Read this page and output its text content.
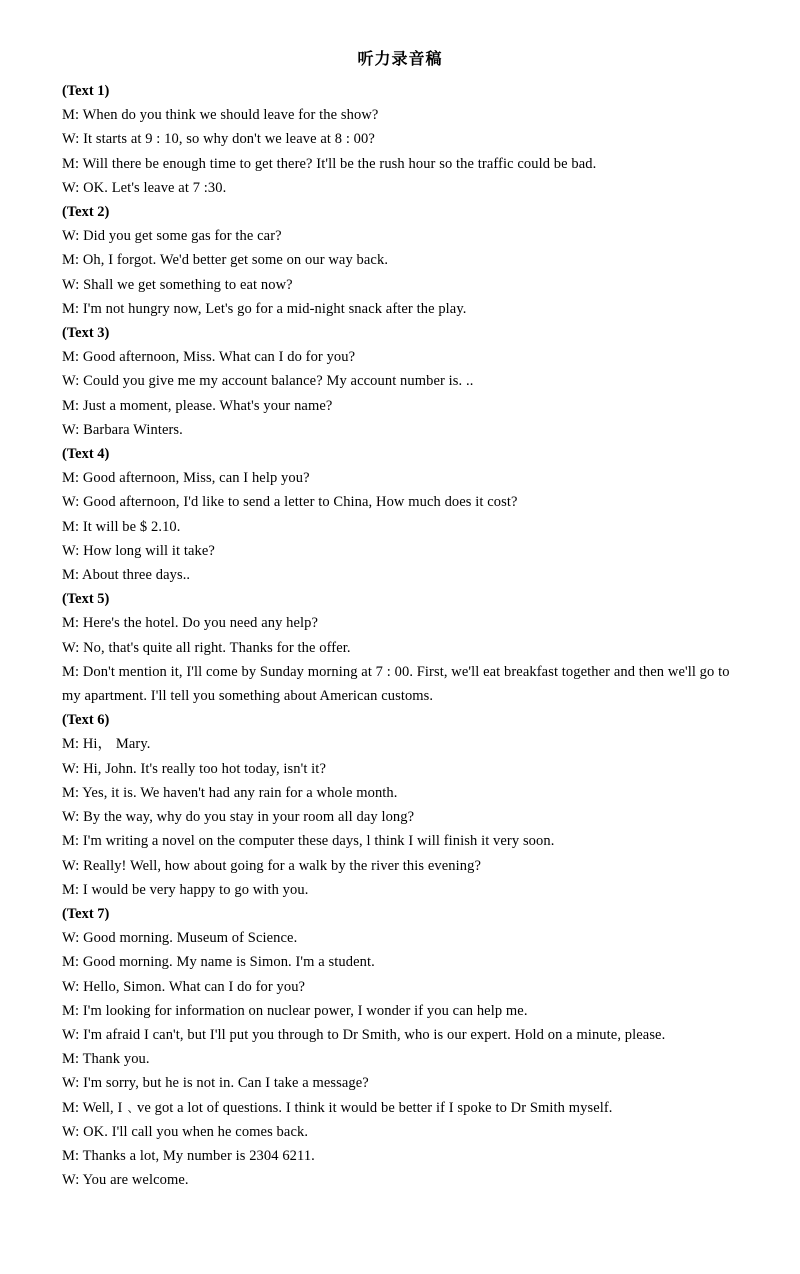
听力录音稿
(Text 1)
M: When do you think we should leave for the show?
W: It starts at 9 : 10, so why don't we leave at 8 : 00?
M: Will there be enough time to get there? It'll be the rush hour so the traffic could be bad.
W: OK. Let's leave at 7 :30.
(Text 2)
W: Did you get some gas for the car?
M: Oh, I forgot. We'd better get some on our way back.
W: Shall we get something to eat now?
M: I'm not hungry now, Let's go for a mid-night snack after the play.
(Text 3)
M: Good afternoon, Miss. What can I do for you?
W: Could you give me my account balance? My account number is. ..
M: Just a moment, please. What's your name?
W: Barbara Winters.
(Text 4)
M: Good afternoon, Miss, can I help you?
W: Good afternoon, I'd like to send a letter to China, How much does it cost?
M: It will be $ 2.10.
W: How long will it take?
M: About three days..
(Text 5)
M: Here's the hotel. Do you need any help?
W: No, that's quite all right. Thanks for the offer.
M: Don't mention it, I'll come by Sunday morning at 7 : 00. First, we'll eat breakfast together and then we'll go to my apartment. I'll tell you something about American customs.
(Text 6)
M: Hi， Mary.
W: Hi, John. It's really too hot today, isn't it?
M: Yes, it is. We haven't had any rain for a whole month.
W: By the way, why do you stay in your room all day long?
M: I'm writing a novel on the computer these days, l think I will finish it very soon.
W: Really! Well, how about going for a walk by the river this evening?
M: I would be very happy to go with you.
(Text 7)
W: Good morning. Museum of Science.
M: Good morning. My name is Simon. I'm a student.
W: Hello, Simon. What can I do for you?
M: I'm looking for information on nuclear power, I wonder if you can help me.
W: I'm afraid I can't, but I'll put you through to Dr Smith, who is our expert. Hold on a minute, please.
M: Thank you.
W: I'm sorry, but he is not in. Can I take a message?
M: Well, I﹑ve got a lot of questions. I think it would be better if I spoke to Dr Smith myself.
W: OK. I'll call you when he comes back.
M: Thanks a lot, My number is 2304 6211.
W: You are welcome.
